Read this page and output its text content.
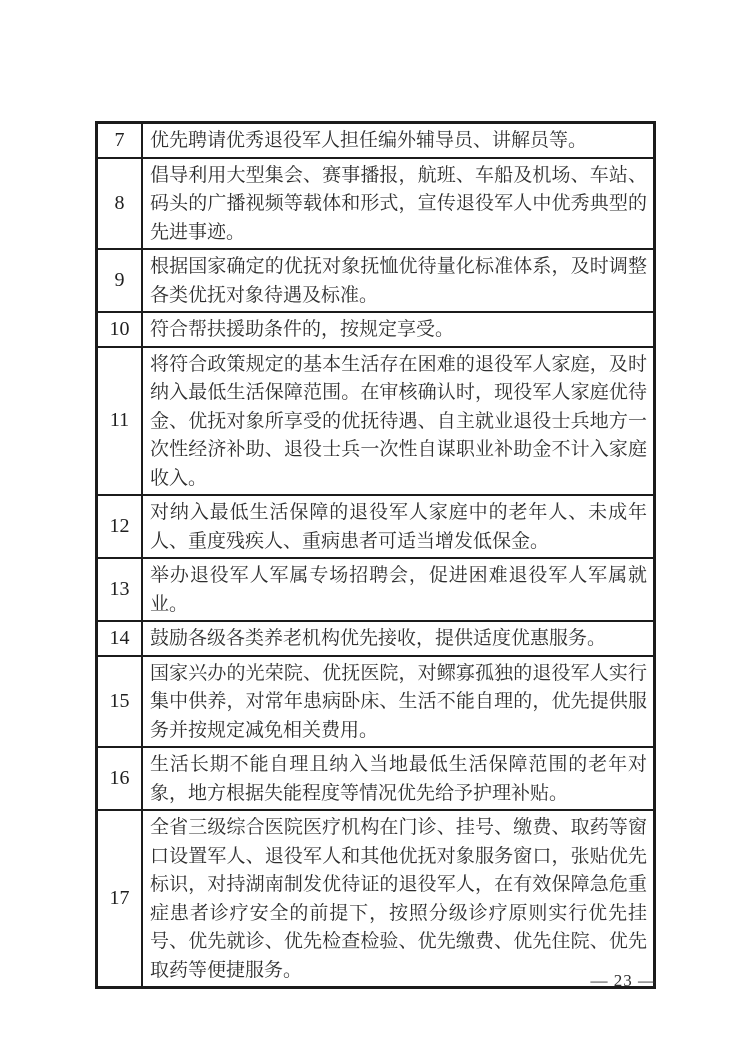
7	优先聘请优秀退役军人担任编外辅导员、讲解员等。
8	倡导利用大型集会、赛事播报，航班、车船及机场、车站、码头的广播视频等载体和形式，宣传退役军人中优秀典型的先进事迹。
9	根据国家确定的优抚对象抚恤优待量化标准体系，及时调整各类优抚对象待遇及标准。
10	符合帮扶援助条件的，按规定享受。
11	将符合政策规定的基本生活存在困难的退役军人家庭，及时纳入最低生活保障范围。在审核确认时，现役军人家庭优待金、优抚对象所享受的优抚待遇、自主就业退役士兵地方一次性经济补助、退役士兵一次性自谋职业补助金不计入家庭收入。
12	对纳入最低生活保障的退役军人家庭中的老年人、未成年人、重度残疾人、重病患者可适当增发低保金。
13	举办退役军人军属专场招聘会，促进困难退役军人军属就业。
14	鼓励各级各类养老机构优先接收，提供适度优惠服务。
15	国家兴办的光荣院、优抚医院，对鳏寡孤独的退役军人实行集中供养，对常年患病卧床、生活不能自理的，优先提供服务并按规定减免相关费用。
16	生活长期不能自理且纳入当地最低生活保障范围的老年对象，地方根据失能程度等情况优先给予护理补贴。
17	全省三级综合医院医疗机构在门诊、挂号、缴费、取药等窗口设置军人、退役军人和其他优抚对象服务窗口，张贴优先标识，对持湖南制发优待证的退役军人，在有效保障急危重症患者诊疗安全的前提下，按照分级诊疗原则实行优先挂号、优先就诊、优先检查检验、优先缴费、优先住院、优先取药等便捷服务。	— 23 —
